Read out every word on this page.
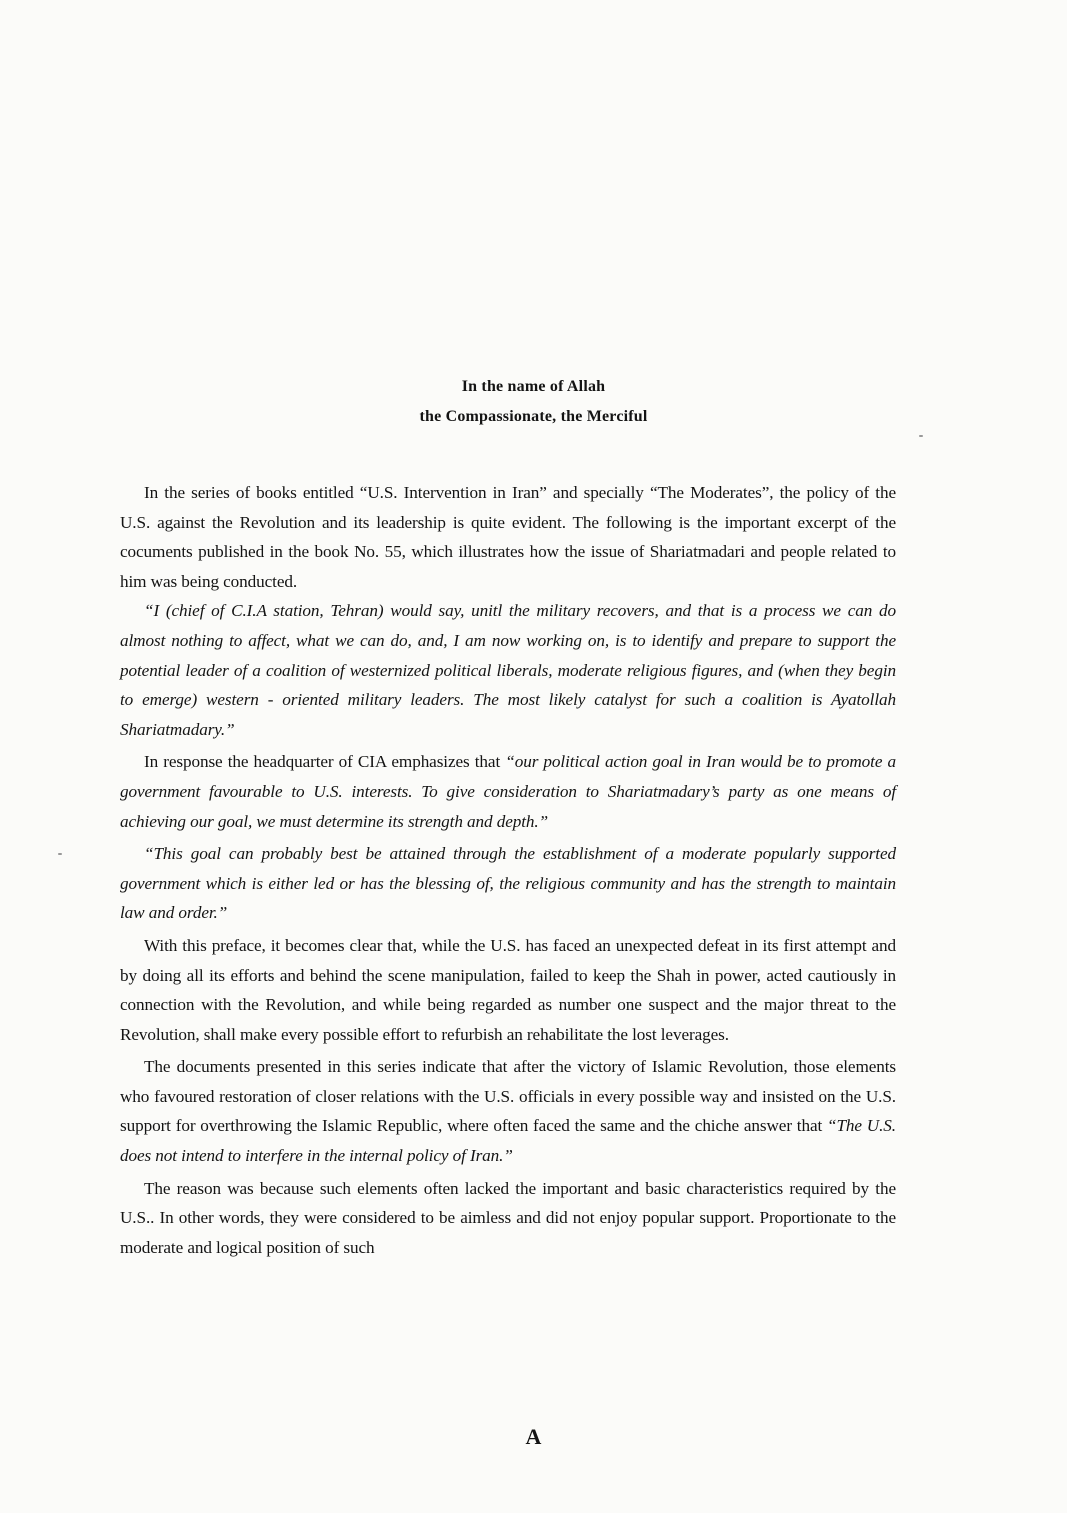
In the name of Allah
the Compassionate, the Merciful

In the series of books entitled “U.S. Intervention in Iran” and specially “The Moderates”, the policy of the U.S. against the Revolution and its leadership is quite evident. The following is the important excerpt of the cocuments published in the book No. 55, which illustrates how the issue of Shariatmadari and people related to him was being conducted.

“I (chief of C.I.A station, Tehran) would say, unitl the military recovers, and that is a process we can do almost nothing to affect, what we can do, and, I am now working on, is to identify and prepare to support the potential leader of a coalition of westernized political liberals, moderate religious figures, and (when they begin to emerge) western - oriented military leaders. The most likely catalyst for such a coalition is Ayatollah Shariatmadary.”

In response the headquarter of CIA emphasizes that “our political action goal in Iran would be to promote a government favourable to U.S. interests. To give consideration to Shariatmadary’s party as one means of achieving our goal, we must determine its strength and depth.”

“This goal can probably best be attained through the establishment of a moderate popularly supported government which is either led or has the blessing of, the religious community and has the strength to maintain law and order.”

With this preface, it becomes clear that, while the U.S. has faced an unexpected defeat in its first attempt and by doing all its efforts and behind the scene manipulation, failed to keep the Shah in power, acted cautiously in connection with the Revolution, and while being regarded as number one suspect and the major threat to the Revolution, shall make every possible effort to refurbish an rehabilitate the lost leverages.

The documents presented in this series indicate that after the victory of Islamic Revolution, those elements who favoured restoration of closer relations with the U.S. officials in every possible way and insisted on the U.S. support for overthrowing the Islamic Republic, where often faced the same and the chiche answer that “The U.S. does not intend to interfere in the internal policy of Iran.”

The reason was because such elements often lacked the important and basic characteristics required by the U.S.. In other words, they were considered to be aimless and did not enjoy popular support. Proportionate to the moderate and logical position of such

A
